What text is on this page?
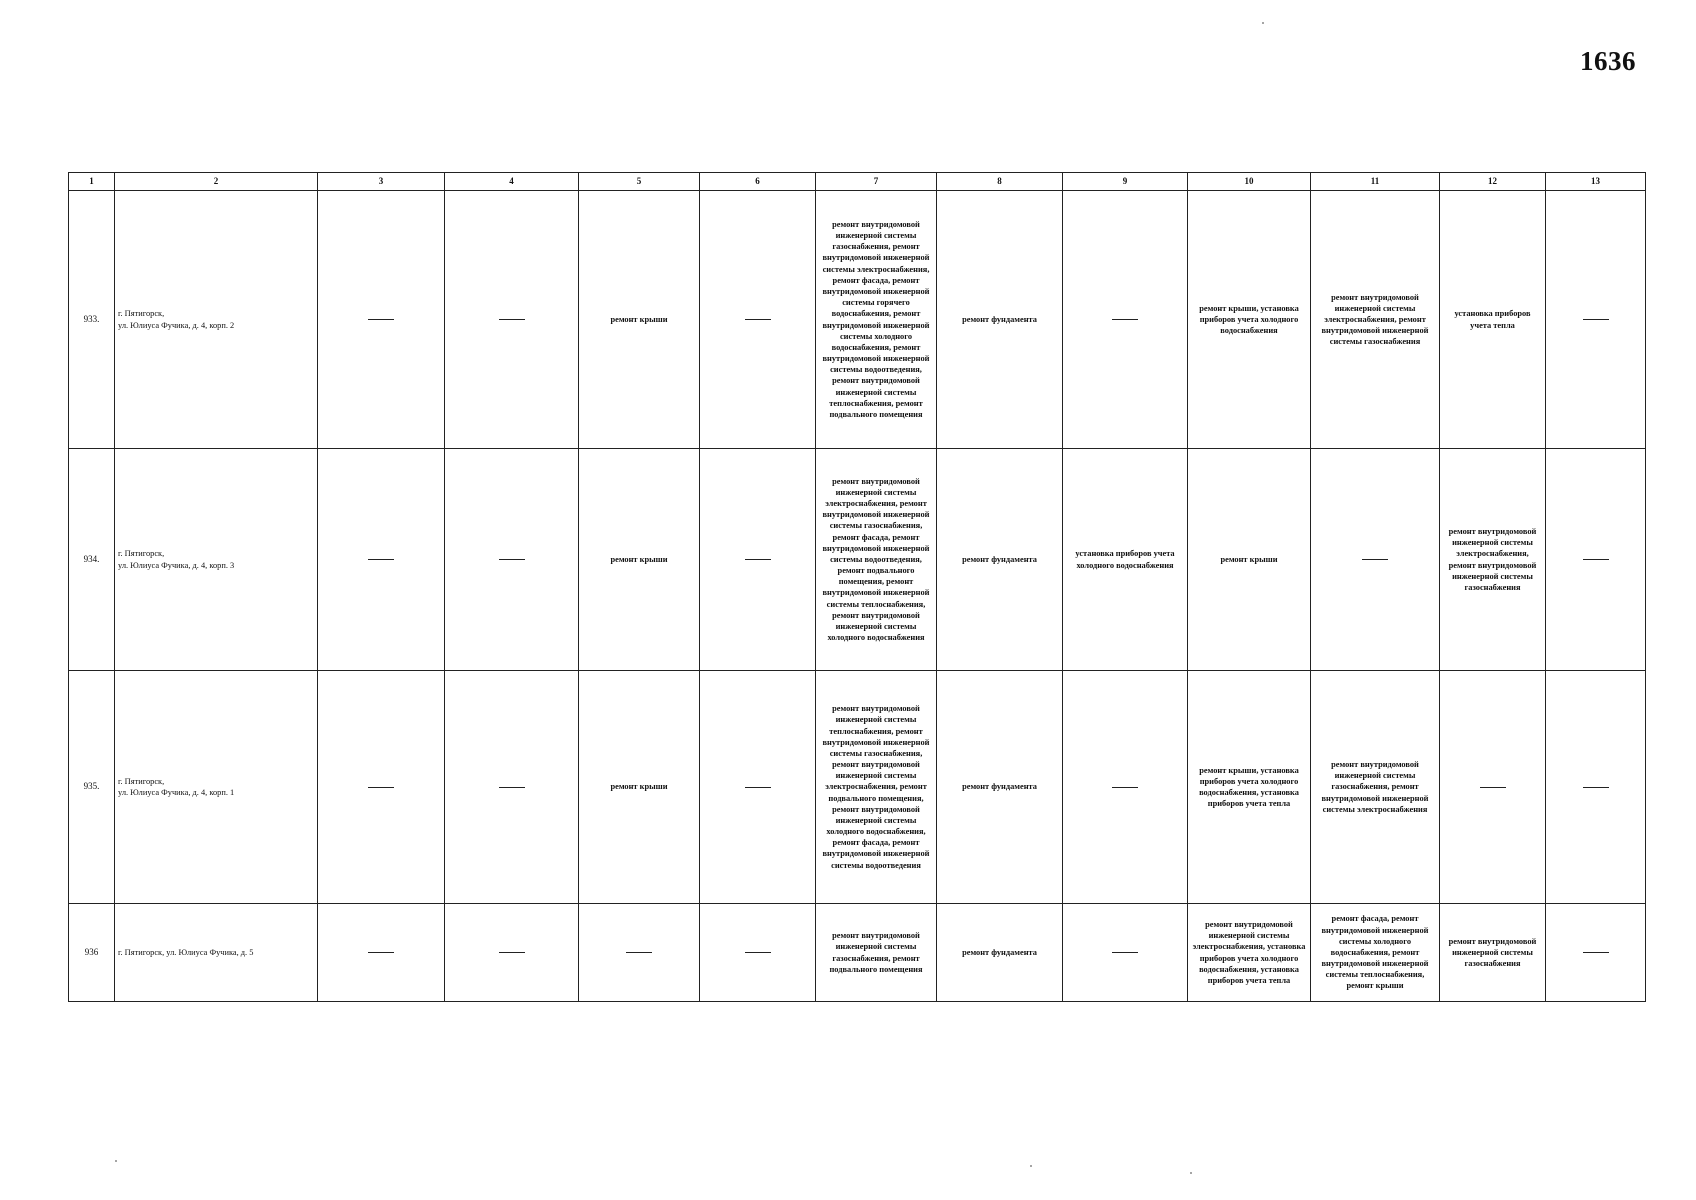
1636
1	2	3	4	5	6	7	8	9	10	11	12	13
933.	г. Пятигорск,
ул. Юлиуса Фучика, д. 4, корп. 2			ремонт крыши		ремонт внутридомовой инженерной системы газоснабжения, ремонт внутридомовой инженерной системы электроснабжения, ремонт фасада, ремонт внутридомовой инженерной системы горячего водоснабжения, ремонт внутридомовой инженерной системы холодного водоснабжения, ремонт внутридомовой инженерной системы водоотведения, ремонт внутридомовой инженерной системы теплоснабжения, ремонт подвального помещения	ремонт фундамента		ремонт крыши, установка приборов учета холодного водоснабжения	ремонт внутридомовой инженерной системы электроснабжения, ремонт внутридомовой инженерной системы газоснабжения	установка приборов учета тепла	
934.	г. Пятигорск,
ул. Юлиуса Фучика, д. 4, корп. 3			ремонт крыши		ремонт внутридомовой инженерной системы электроснабжения, ремонт внутридомовой инженерной системы газоснабжения, ремонт фасада, ремонт внутридомовой инженерной системы водоотведения, ремонт подвального помещения, ремонт внутридомовой инженерной системы теплоснабжения, ремонт внутридомовой инженерной системы холодного водоснабжения	ремонт фундамента	установка приборов учета холодного водоснабжения	ремонт крыши		ремонт внутридомовой инженерной системы электроснабжения, ремонт внутридомовой инженерной системы газоснабжения	
935.	г. Пятигорск,
ул. Юлиуса Фучика, д. 4, корп. 1			ремонт крыши		ремонт внутридомовой инженерной системы теплоснабжения, ремонт внутридомовой инженерной системы газоснабжения, ремонт внутридомовой инженерной системы электроснабжения, ремонт подвального помещения, ремонт внутридомовой инженерной системы холодного водоснабжения, ремонт фасада, ремонт внутридомовой инженерной системы водоотведения	ремонт фундамента		ремонт крыши, установка приборов учета холодного водоснабжения, установка приборов учета тепла	ремонт внутридомовой инженерной системы газоснабжения, ремонт внутридомовой инженерной системы электроснабжения		
936	г. Пятигорск, ул. Юлиуса Фучика, д. 5					ремонт внутридомовой инженерной системы газоснабжения, ремонт подвального помещения	ремонт фундамента		ремонт внутридомовой инженерной системы электроснабжения, установка приборов учета холодного водоснабжения, установка приборов учета тепла	ремонт фасада, ремонт внутридомовой инженерной системы холодного водоснабжения, ремонт внутридомовой инженерной системы теплоснабжения, ремонт крыши	ремонт внутридомовой инженерной системы газоснабжения	
